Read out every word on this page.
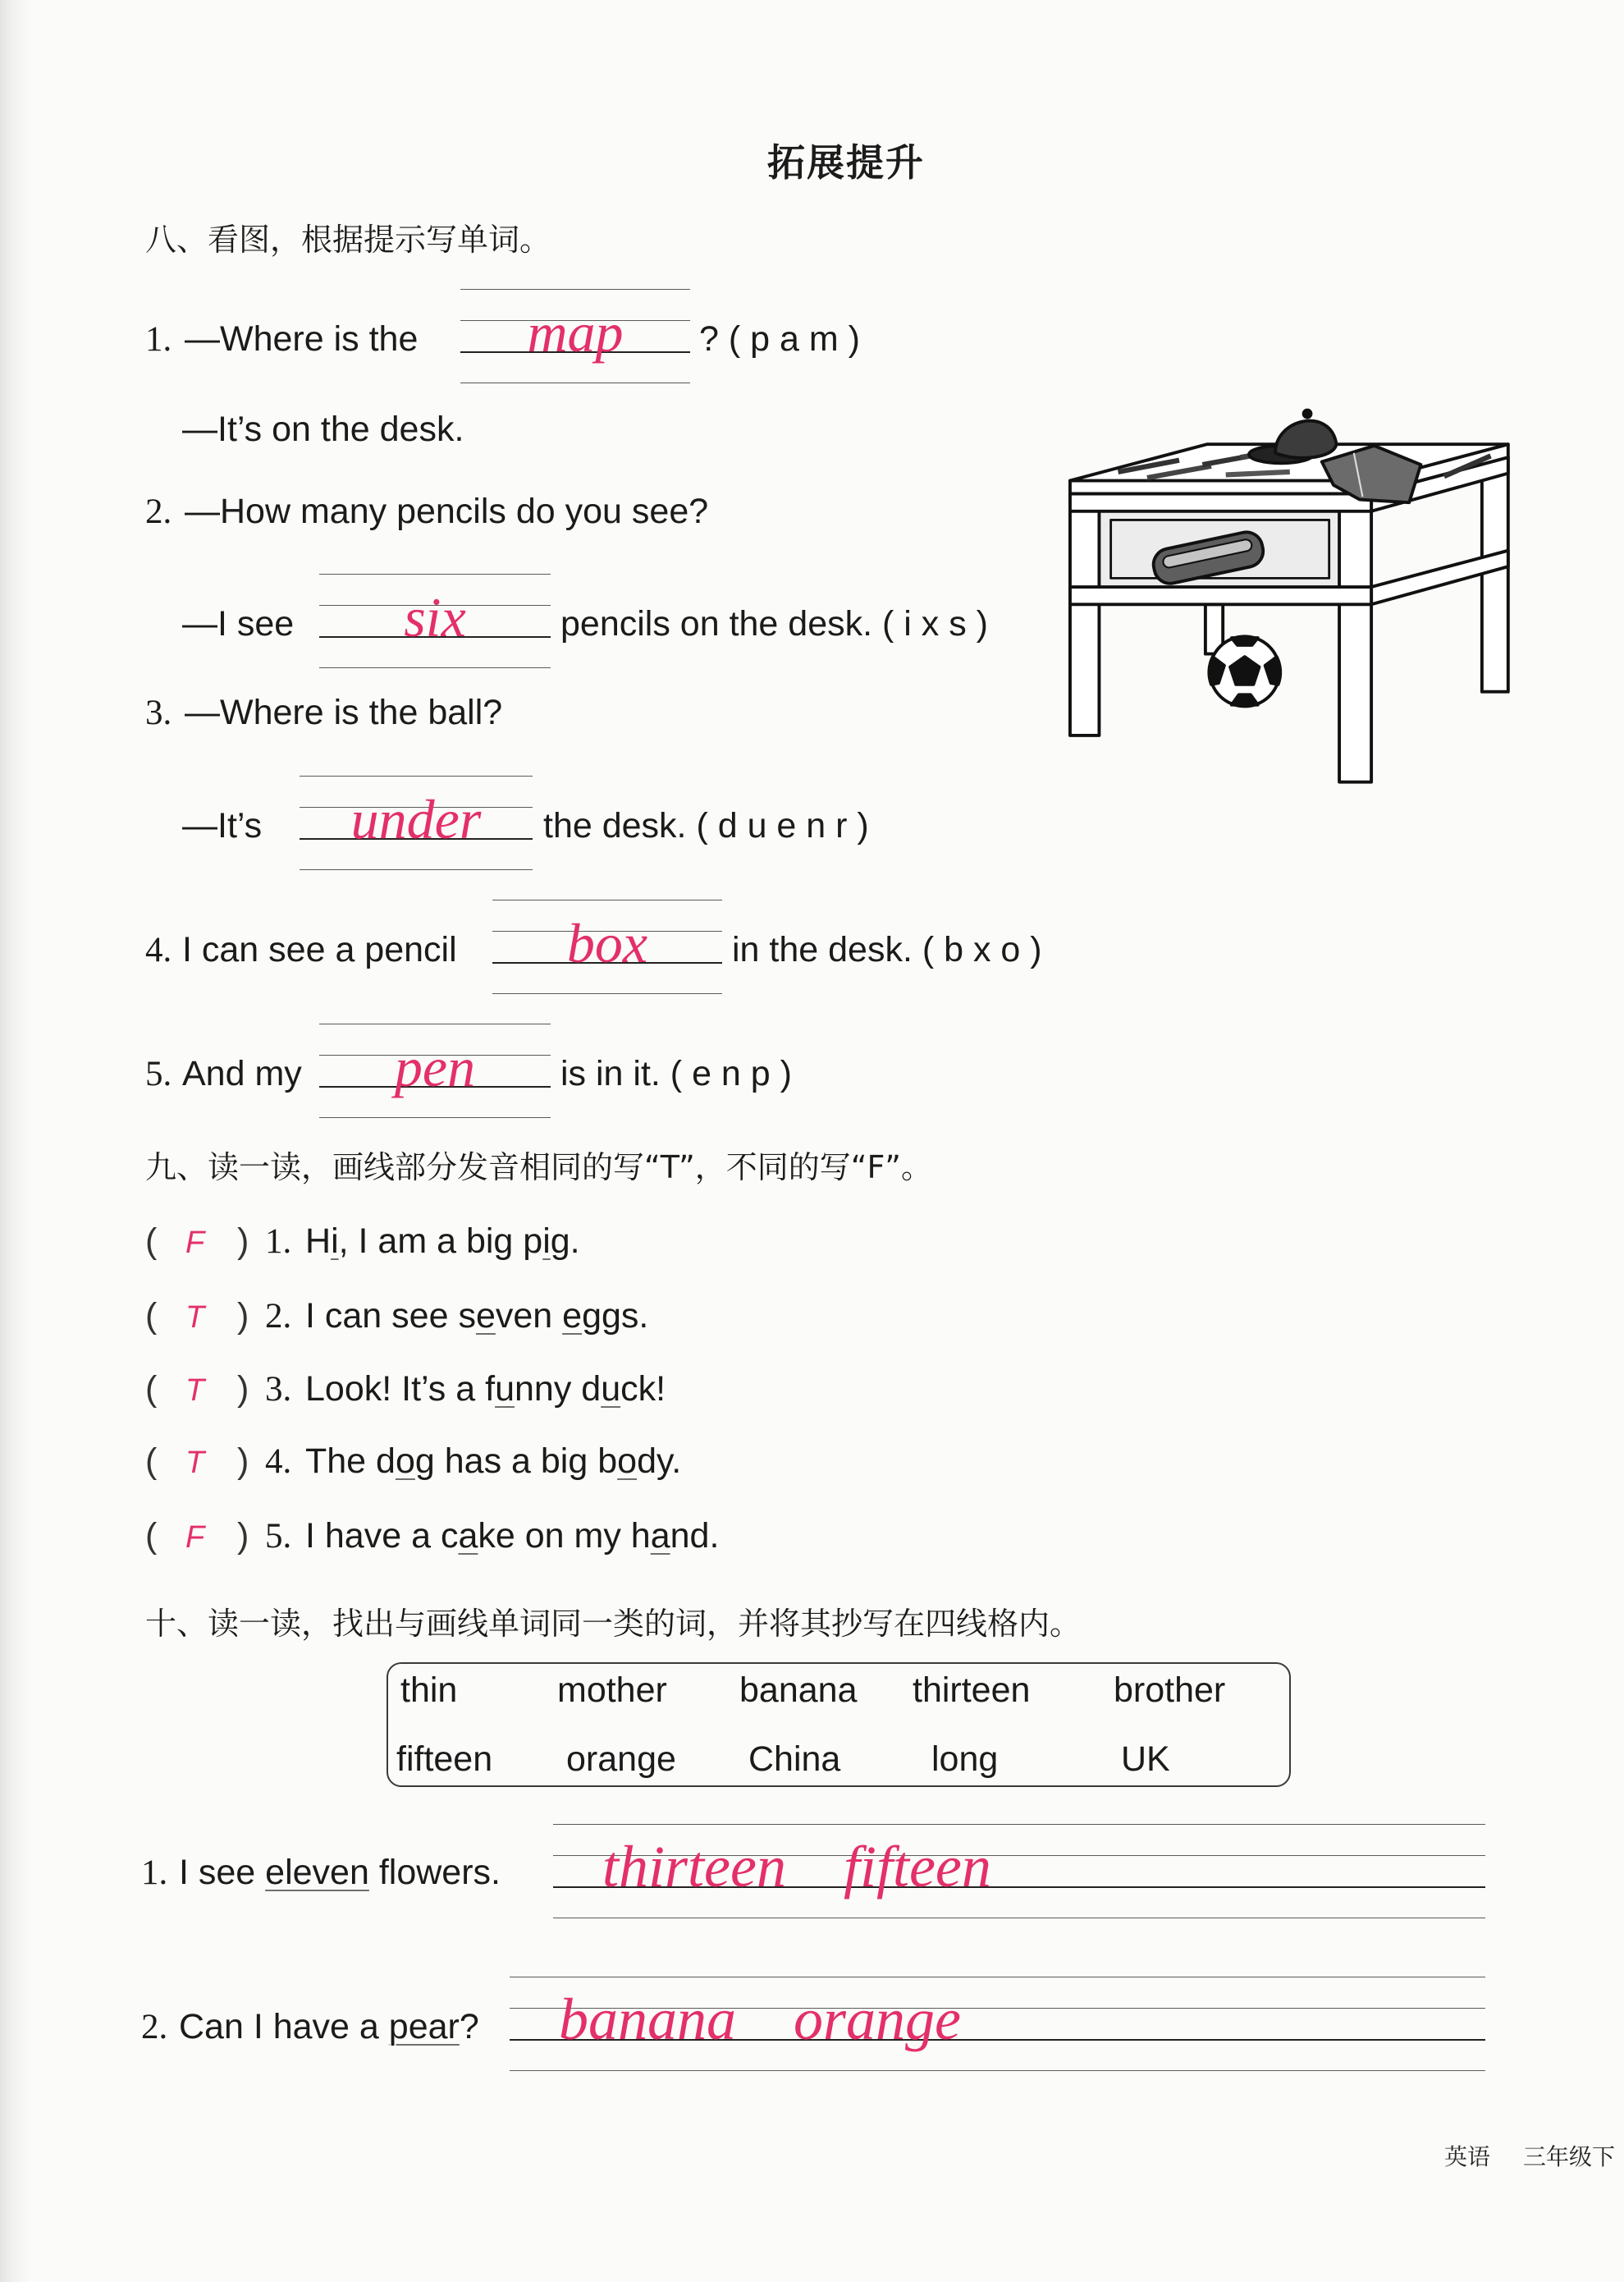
拓展提升
八、看图，根据提示写单词。
1. —Where is the	map	? ( p a m )
—It’s on the desk.
2. —How many pencils do you see?
—I see	six	pencils on the desk. ( i x s )
3. —Where is the ball?
—It’s	under	the desk. ( d u e n r )
4. I can see a pencil	box	in the desk. ( b x o )
5. And my	pen	is in it. ( e n p )
九、读一读，画线部分发音相同的写“T”，不同的写“F”。
( F ) 1. Hi, I am a big pig.
( T ) 2. I can see seven eggs.
( T ) 3. Look! It’s a funny duck!
( T ) 4. The dog has a big body.
( F ) 5. I have a cake on my hand.
十、读一读，找出与画线单词同一类的词，并将其抄写在四线格内。
thin	mother banana thirteen brother
fifteen orange China	long	UK
1. I see eleven flowers. thirteen fifteen
2. Can I have a pear? banana orange
英语 三年级下
